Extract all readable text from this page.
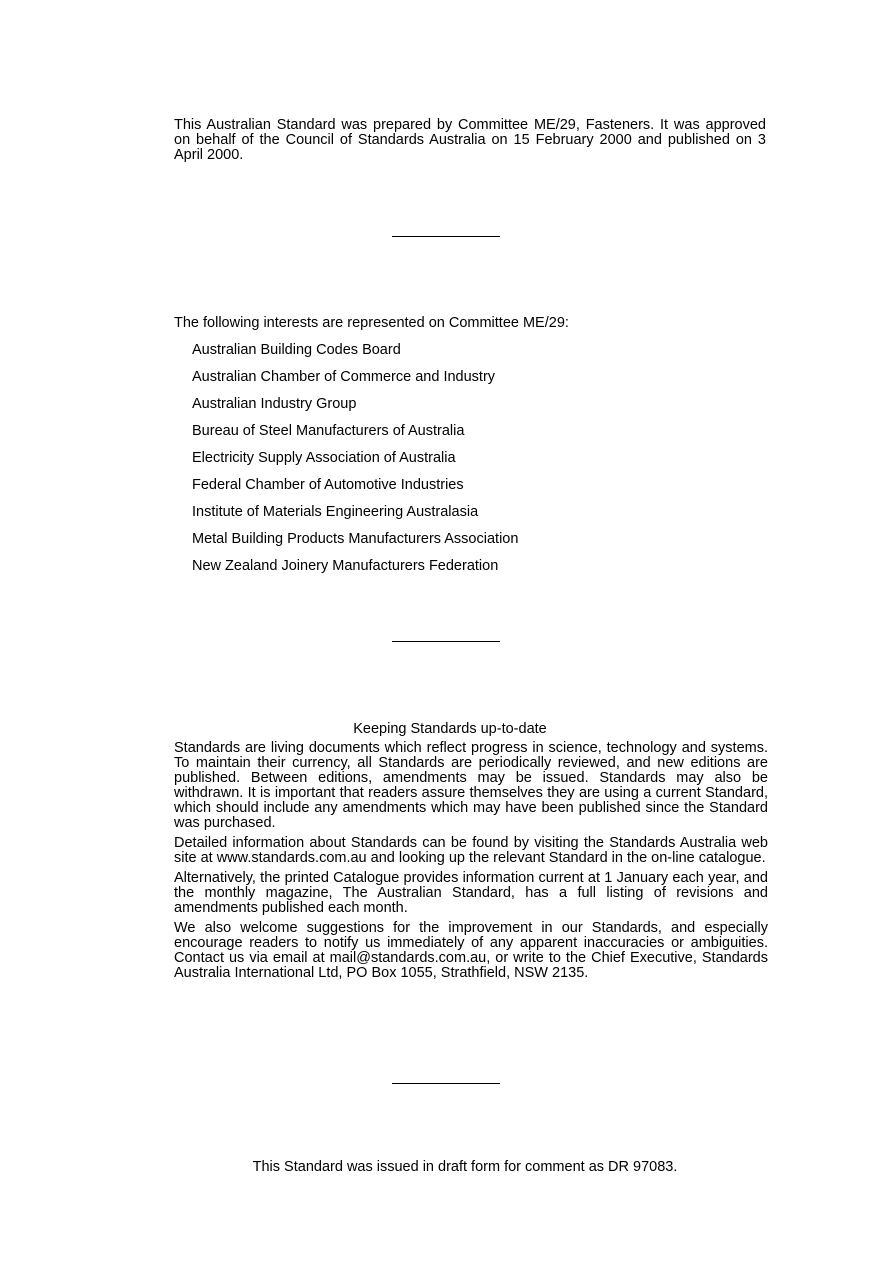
This Australian Standard was prepared by Committee ME/29, Fasteners. It was approved on behalf of the Council of Standards Australia on 15 February 2000 and published on 3 April 2000.
The following interests are represented on Committee ME/29:
Australian Building Codes Board
Australian Chamber of Commerce and Industry
Australian Industry Group
Bureau of Steel Manufacturers of Australia
Electricity Supply Association of Australia
Federal Chamber of Automotive Industries
Institute of Materials Engineering Australasia
Metal Building Products Manufacturers Association
New Zealand Joinery Manufacturers Federation
Keeping Standards up-to-date

Standards are living documents which reflect progress in science, technology and systems. To maintain their currency, all Standards are periodically reviewed, and new editions are published. Between editions, amendments may be issued. Standards may also be withdrawn. It is important that readers assure themselves they are using a current Standard, which should include any amendments which may have been published since the Standard was purchased.

Detailed information about Standards can be found by visiting the Standards Australia web site at www.standards.com.au and looking up the relevant Standard in the on-line catalogue.

Alternatively, the printed Catalogue provides information current at 1 January each year, and the monthly magazine, The Australian Standard, has a full listing of revisions and amendments published each month.

We also welcome suggestions for the improvement in our Standards, and especially encourage readers to notify us immediately of any apparent inaccuracies or ambiguities. Contact us via email at mail@standards.com.au, or write to the Chief Executive, Standards Australia International Ltd, PO Box 1055, Strathfield, NSW 2135.

This Standard was issued in draft form for comment as DR 97083.
